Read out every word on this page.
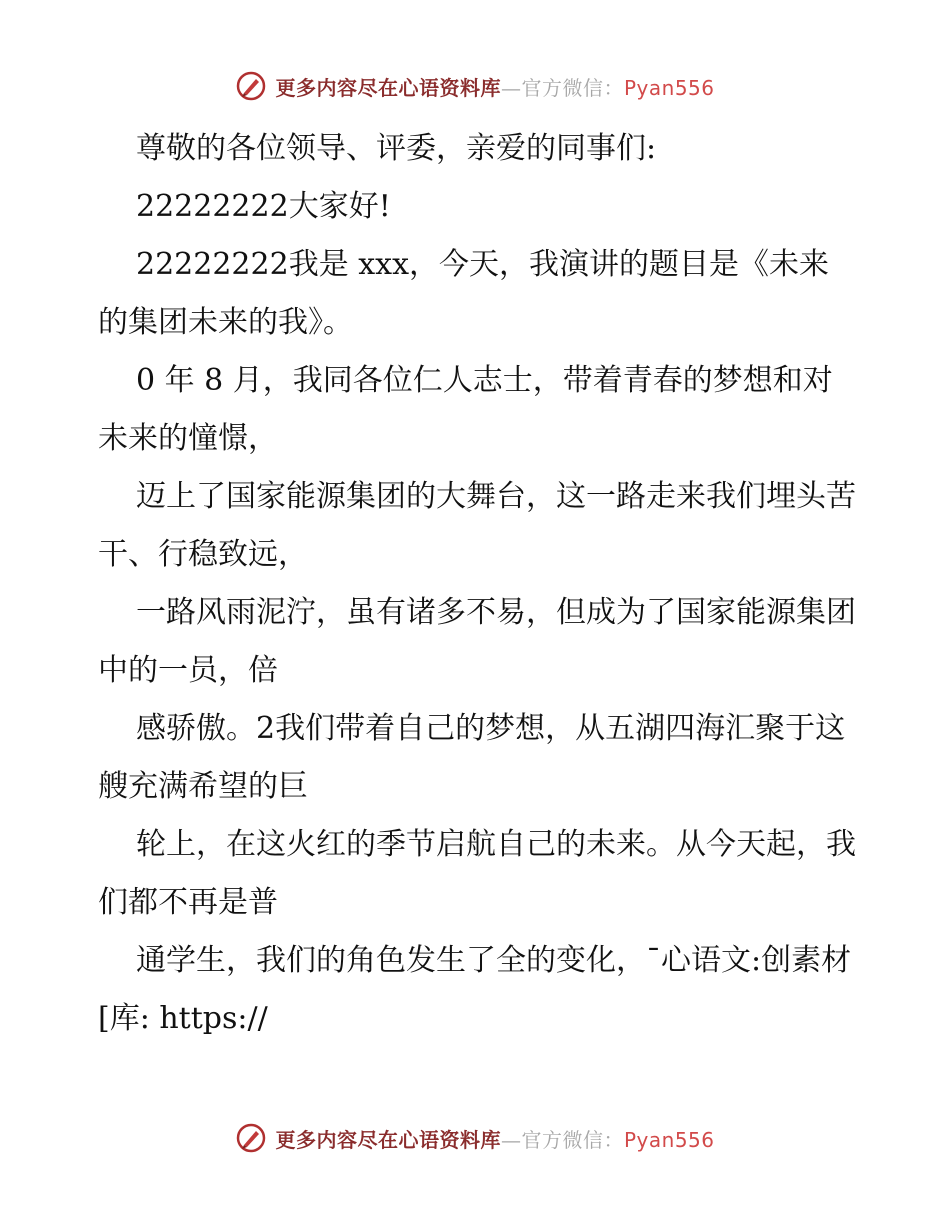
更多内容尽在心语资料库—官方微信：Pyan556

尊敬的各位领导、评委，亲爱的同事们:

22222222大家好!

22222222我是 xxx，今天，我演讲的题目是《未来的集团未来的我》。

0 年 8 月，我同各位仁人志士，带着青春的梦想和对未来的憧憬，

迈上了国家能源集团的大舞台，这一路走来我们埋头苦干、行稳致远，

一路风雨泥泞，虽有诸多不易，但成为了国家能源集团中的一员，倍

感骄傲。2我们带着自己的梦想，从五湖四海汇聚于这艘充满希望的巨

轮上，在这火红的季节启航自己的未来。从今天起，我们都不再是普

通学生，我们的角色发生了全的变化，¯心语文:创素材[库: https://

更多内容尽在心语资料库—官方微信：Pyan556
